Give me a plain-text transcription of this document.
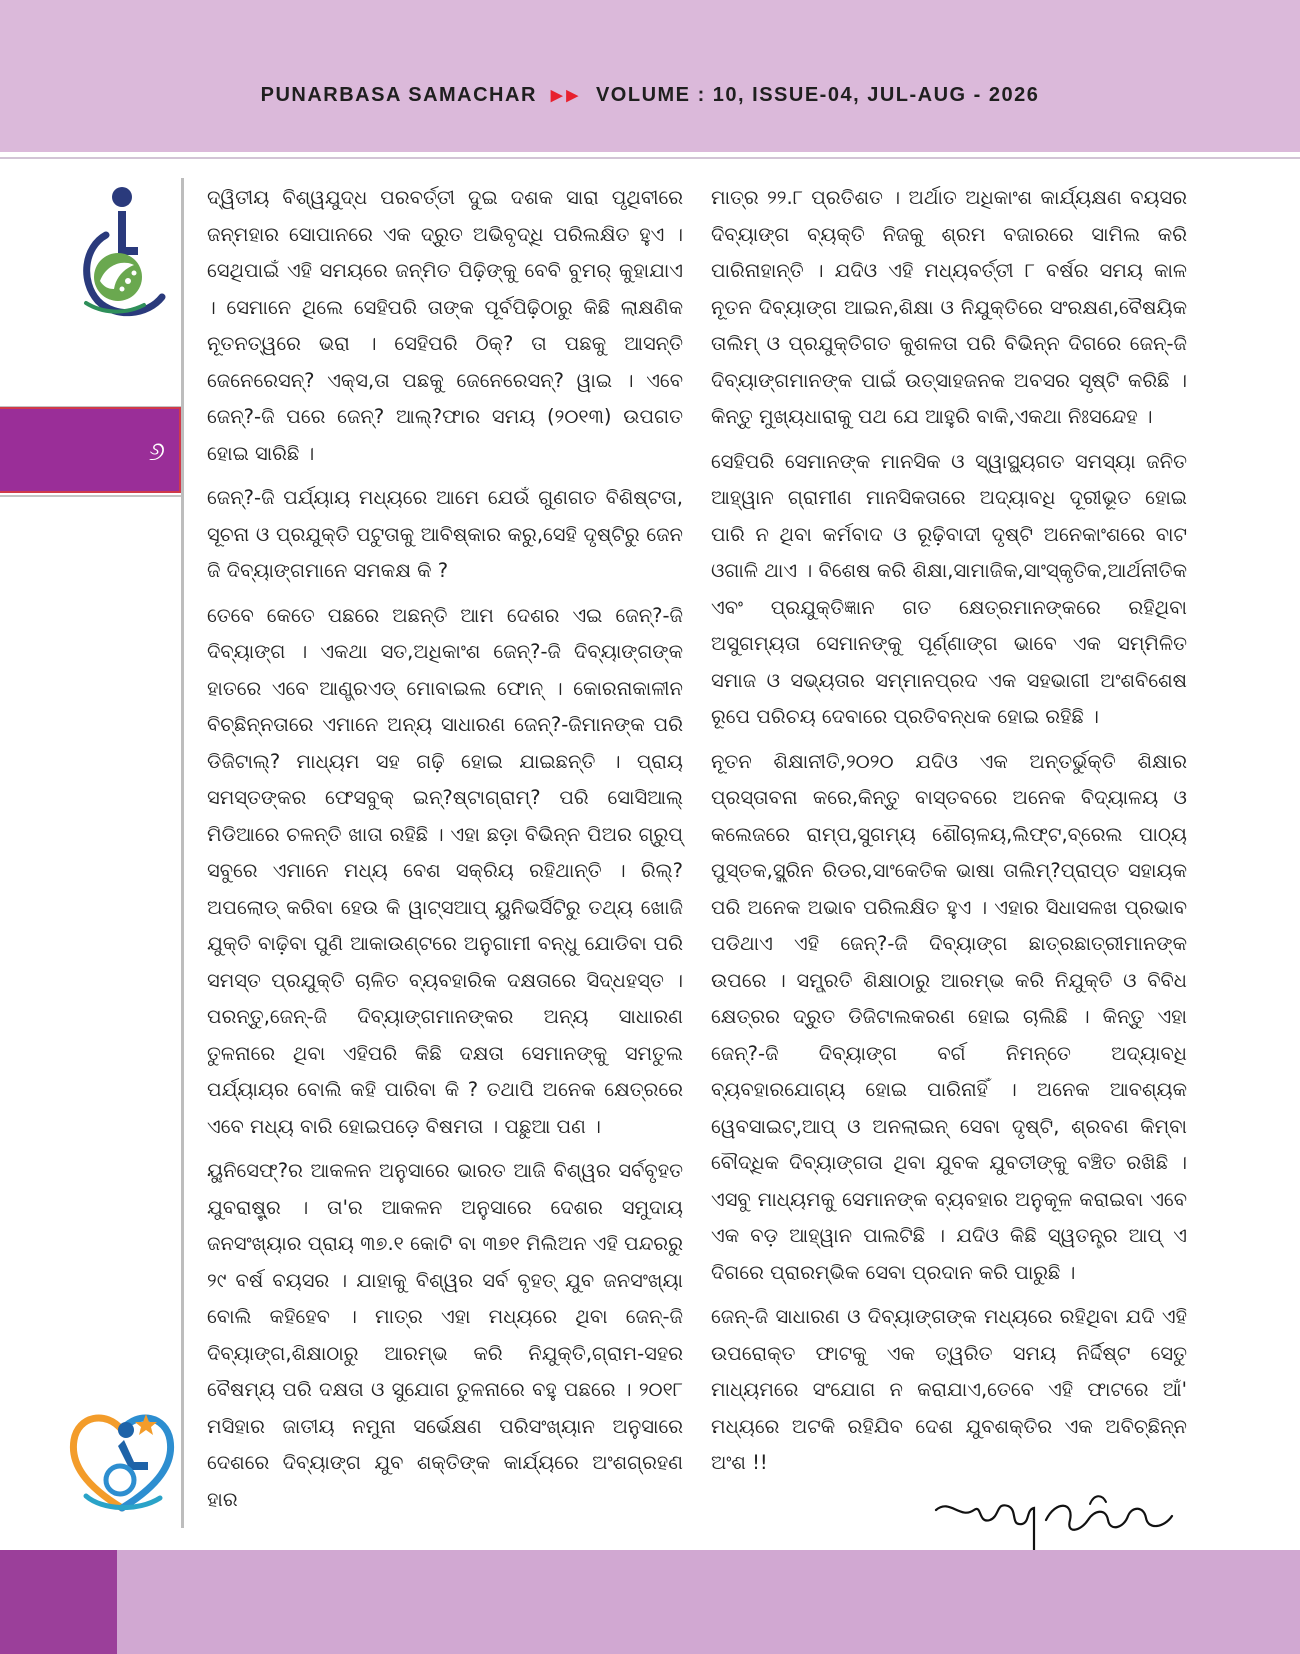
PUNARBASA SAMACHAR ▶▶ VOLUME : 10, ISSUE-04, JUL-AUG - 2026
୬

ଦ୍ୱିତୀୟ ବିଶ୍ୱଯୁଦ୍ଧ ପରବର୍ତ୍ତୀ ଦୁଇ ଦଶକ ସାରା ପୃଥିବୀରେ ଜନ୍ମହାର ସୋପାନରେ ଏକ ଦ୍ରୁତ ଅଭିବୃଦ୍ଧି ପରିଲକ୍ଷିତ ହୁଏ । ସେଥିପାଇଁ ଏହି ସମୟରେ ଜନ୍ମିତ ପିଢ଼ିଙ୍କୁ ବେବି ବୁମର୍ କୁହାଯାଏ । ସେମାନେ ଥିଲେ ସେହିପରି ତାଙ୍କ ପୂର୍ବପିଢ଼ିଠାରୁ କିଛି ଲାକ୍ଷଣିକ ନୂତନତ୍ୱରେ ଭରା । ସେହିପରି ଠିକ୍? ତା ପଛକୁ ଆସନ୍ତି ଜେନେରେସନ୍? ଏକ୍ସ,ତା ପଛକୁ ଜେନେରେସନ୍? ୱାଇ । ଏବେ ଜେନ୍?-ଜି ପରେ ଜେନ୍? ଆଲ୍?ଫାର ସମୟ (୨୦୧୩) ଉପଗତ ହୋଇ ସାରିଛି ।

ଜେନ୍?-ଜି ପର୍ଯ୍ୟାୟ ମଧ୍ୟରେ ଆମେ ଯେଉଁ ଗୁଣଗତ ବିଶିଷ୍ଟତା, ସୂଚନା ଓ ପ୍ରଯୁକ୍ତି ପଟୁତାକୁ ଆବିଷ୍କାର କରୁ,ସେହି ଦୃଷ୍ଟିରୁ ଜେନ ଜି ଦିବ୍ୟାଙ୍ଗମାନେ ସମକକ୍ଷ କି ?

ତେବେ କେତେ ପଛରେ ଅଛନ୍ତି ଆମ ଦେଶର ଏଇ ଜେନ୍?-ଜି ଦିବ୍ୟାଙ୍ଗ । ଏକଥା ସତ,ଅଧିକାଂଶ ଜେନ୍?-ଜି ଦିବ୍ୟାଙ୍ଗଙ୍କ ହାତରେ ଏବେ ଆଣ୍ଡ୍ରଏଡ୍ ମୋବାଇଲ ଫୋନ୍ । କୋରନାକାଳୀନ ବିଚ୍ଛିନ୍ନତାରେ ଏମାନେ ଅନ୍ୟ ସାଧାରଣ ଜେନ୍?-ଜିମାନଙ୍କ ପରି ଡିଜିଟାଲ୍? ମାଧ୍ୟମ ସହ ଗଢ଼ି ହୋଇ ଯାଇଛନ୍ତି । ପ୍ରାୟ ସମସ୍ତଙ୍କର ଫେସବୁକ୍ ଇନ୍?ଷ୍ଟାଗ୍ରାମ୍? ପରି ସୋସିଆଲ୍ ମିଡିଆରେ ଚଳନ୍ତି ଖାତା ରହିଛି । ଏହା ଛଡ଼ା ବିଭିନ୍ନ ପିଅର ଗ୍ରୁପ୍ ସବୁରେ ଏମାନେ ମଧ୍ୟ ବେଶ ସକ୍ରିୟ ରହିଥାନ୍ତି । ରିଲ୍? ଅପଲୋଡ୍ କରିବା ହେଉ କି ୱାଟ୍ସଆପ୍ ୟୁନିଭର୍ସିଟିରୁ ତଥ୍ୟ ଖୋଜି ଯୁକ୍ତି ବାଢ଼ିବା ପୁଣି ଆକାଉଣ୍ଟରେ ଅନୁଗାମୀ ବନ୍ଧୁ ଯୋଡିବା ପରି ସମସ୍ତ ପ୍ରଯୁକ୍ତି ଚାଳିତ ବ୍ୟବହାରିକ ଦକ୍ଷତାରେ ସିଦ୍ଧହସ୍ତ । ପରନ୍ତୁ,ଜେନ୍-ଜି ଦିବ୍ୟାଙ୍ଗମାନଙ୍କର ଅନ୍ୟ ସାଧାରଣ ତୁଳନାରେ ଥିବା ଏହିପରି କିଛି ଦକ୍ଷତା ସେମାନଙ୍କୁ ସମତୁଲ ପର୍ଯ୍ୟାୟର ବୋଲି କହି ପାରିବା କି ? ତଥାପି ଅନେକ କ୍ଷେତ୍ରରେ ଏବେ ମଧ୍ୟ ବାରି ହୋଇପଡ଼େ ବିଷମତା । ପଛୁଆ ପଣ ।

ୟୁନିସେଫ୍?ର ଆକଳନ ଅନୁସାରେ ଭାରତ ଆଜି ବିଶ୍ୱର ସର୍ବବୃହତ ଯୁବରାଷ୍ଟ୍ର । ତା'ର ଆକଳନ ଅନୁସାରେ ଦେଶର ସମୁଦାୟ ଜନସଂଖ୍ୟାର ପ୍ରାୟ ୩୭.୧ କୋଟି ବା ୩୭୧ ମିଲିଅନ ଏହି ପନ୍ଦରରୁ ୨୯ ବର୍ଷ ବୟସର । ଯାହାକୁ ବିଶ୍ୱର ସର୍ବ ବୃହତ୍ ଯୁବ ଜନସଂଖ୍ୟା ବୋଲି କହିହେବ । ମାତ୍ର ଏହା ମଧ୍ୟରେ ଥିବା ଜେନ୍-ଜି ଦିବ୍ୟାଙ୍ଗ,ଶିକ୍ଷାଠାରୁ ଆରମ୍ଭ କରି ନିଯୁକ୍ତି,ଗ୍ରାମ-ସହର ବୈଷମ୍ୟ ପରି ଦକ୍ଷତା ଓ ସୁଯୋଗ ତୁଳନାରେ ବହୁ ପଛରେ । ୨୦୧୮ ମସିହାର ଜାତୀୟ ନମୁନା ସର୍ଭେକ୍ଷଣ ପରିସଂଖ୍ୟାନ ଅନୁସାରେ ଦେଶରେ ଦିବ୍ୟାଙ୍ଗ ଯୁବ ଶକ୍ତିଙ୍କ କାର୍ଯ୍ୟରେ ଅଂଶଗ୍ରହଣ ହାର

ମାତ୍ର ୨୨.୮ ପ୍ରତିଶତ । ଅର୍ଥାତ ଅଧିକାଂଶ କାର୍ଯ୍ୟକ୍ଷଣ ବୟସର ଦିବ୍ୟାଙ୍ଗ ବ୍ୟକ୍ତି ନିଜକୁ ଶ୍ରମ ବଜାରରେ ସାମିଲ କରି ପାରିନାହାନ୍ତି । ଯଦିଓ ଏହି ମଧ୍ୟବର୍ତ୍ତୀ ୮ ବର୍ଷର ସମୟ କାଳ ନୂତନ ଦିବ୍ୟାଙ୍ଗ ଆଇନ,ଶିକ୍ଷା ଓ ନିଯୁକ୍ତିରେ ସଂରକ୍ଷଣ,ବୈଷୟିକ ତାଲିମ୍ ଓ ପ୍ରଯୁକ୍ତିଗତ କୁଶଳତା ପରି ବିଭିନ୍ନ ଦିଗରେ ଜେନ୍-ଜି ଦିବ୍ୟାଙ୍ଗମାନଙ୍କ ପାଇଁ ଉତ୍ସାହଜନକ ଅବସର ସୃଷ୍ଟି କରିଛି । କିନ୍ତୁ ମୁଖ୍ୟଧାରାକୁ ପଥ ଯେ ଆହୁରି ବାକି,ଏକଥା ନିଃସନ୍ଦେହ ।

ସେହିପରି ସେମାନଙ୍କ ମାନସିକ ଓ ସ୍ୱାସ୍ଥ୍ୟଗତ ସମସ୍ୟା ଜନିତ ଆହ୍ୱାନ ଗ୍ରାମୀଣ ମାନସିକତାରେ ଅଦ୍ୟାବଧି ଦୂରୀଭୂତ ହୋଇ ପାରି ନ ଥିବା କର୍ମବାଦ ଓ ରୂଢ଼ିବାଦୀ ଦୃଷ୍ଟି ଅନେକାଂଶରେ ବାଟ ଓଗାଳି ଥାଏ । ବିଶେଷ କରି ଶିକ୍ଷା,ସାମାଜିକ,ସାଂସ୍କୃତିକ,ଆର୍ଥନୀତିକ ଏବଂ ପ୍ରଯୁକ୍ତିଜ୍ଞାନ ଗତ କ୍ଷେତ୍ରମାନଙ୍କରେ ରହିଥିବା ଅସୁଗମ୍ୟତା ସେମାନଙ୍କୁ ପୂର୍ଣ୍ଣାଙ୍ଗ ଭାବେ ଏକ ସମ୍ମିଳିତ ସମାଜ ଓ ସଭ୍ୟତାର ସମ୍ମାନପ୍ରଦ ଏକ ସହଭାଗୀ ଅଂଶବିଶେଷ ରୂପେ ପରିଚୟ ଦେବାରେ ପ୍ରତିବନ୍ଧକ ହୋଇ ରହିଛି ।

ନୂତନ ଶିକ୍ଷାନୀତି,୨୦୨୦ ଯଦିଓ ଏକ ଅନ୍ତର୍ଭୁକ୍ତି ଶିକ୍ଷାର ପ୍ରସ୍ତାବନା କରେ,କିନ୍ତୁ ବାସ୍ତବରେ ଅନେକ ବିଦ୍ୟାଳୟ ଓ କଲେଜରେ ରାମ୍ପ,ସୁଗମ୍ୟ ଶୌଚାଳୟ,ଲିଫ୍ଟ,ବ୍ରେଲ ପାଠ୍ୟ ପୁସ୍ତକ,ସ୍କ୍ରିନ ରିଡର,ସାଂକେତିକ ଭାଷା ତାଲିମ୍?ପ୍ରାପ୍ତ ସହାୟକ ପରି ଅନେକ ଅଭାବ ପରିଲକ୍ଷିତ ହୁଏ । ଏହାର ସିଧାସଳଖ ପ୍ରଭାବ ପଡିଥାଏ ଏହି ଜେନ୍?-ଜି ଦିବ୍ୟାଙ୍ଗ ଛାତ୍ରଛାତ୍ରୀମାନଙ୍କ ଉପରେ । ସମ୍ପ୍ରତି ଶିକ୍ଷାଠାରୁ ଆରମ୍ଭ କରି ନିଯୁକ୍ତି ଓ ବିବିଧ କ୍ଷେତ୍ରର ଦ୍ରୁତ ଡିଜିଟାଲକରଣ ହୋଇ ଚାଲିଛି । କିନ୍ତୁ ଏହା ଜେନ୍?-ଜି ଦିବ୍ୟାଙ୍ଗ ବର୍ଗ ନିମନ୍ତେ ଅଦ୍ୟାବଧି ବ୍ୟବହାରଯୋଗ୍ୟ ହୋଇ ପାରିନାହିଁ । ଅନେକ ଆବଶ୍ୟକ ୱେବସାଇଟ୍,ଆପ୍ ଓ ଅନଲାଇନ୍ ସେବା ଦୃଷ୍ଟି, ଶ୍ରବଣ କିମ୍ବା ବୌଦ୍ଧିକ ଦିବ୍ୟାଙ୍ଗତା ଥିବା ଯୁବକ ଯୁବତୀଙ୍କୁ ବଞ୍ଚିତ ରଖିଛି । ଏସବୁ ମାଧ୍ୟମକୁ ସେମାନଙ୍କ ବ୍ୟବହାର ଅନୁକୂଳ କରାଇବା ଏବେ ଏକ ବଡ଼ ଆହ୍ୱାନ ପାଲଟିଛି । ଯଦିଓ କିଛି ସ୍ୱତନ୍ତ୍ର ଆପ୍ ଏ ଦିଗରେ ପ୍ରାରମ୍ଭିକ ସେବା ପ୍ରଦାନ କରି ପାରୁଛି ।

ଜେନ୍-ଜି ସାଧାରଣ ଓ ଦିବ୍ୟାଙ୍ଗଙ୍କ ମଧ୍ୟରେ ରହିଥିବା ଯଦି ଏହି ଉପରୋକ୍ତ ଫାଟକୁ ଏକ ତ୍ୱରିତ ସମୟ ନିର୍ଦ୍ଦିଷ୍ଟ ସେତୁ ମାଧ୍ୟମରେ ସଂଯୋଗ ନ କରାଯାଏ,ତେବେ ଏହି ଫାଟରେ ଆଁ' ମଧ୍ୟରେ ଅଟକି ରହିଯିବ ଦେଶ ଯୁବଶକ୍ତିର ଏକ ଅବିଚ୍ଛିନ୍ନ ଅଂଶ !!
